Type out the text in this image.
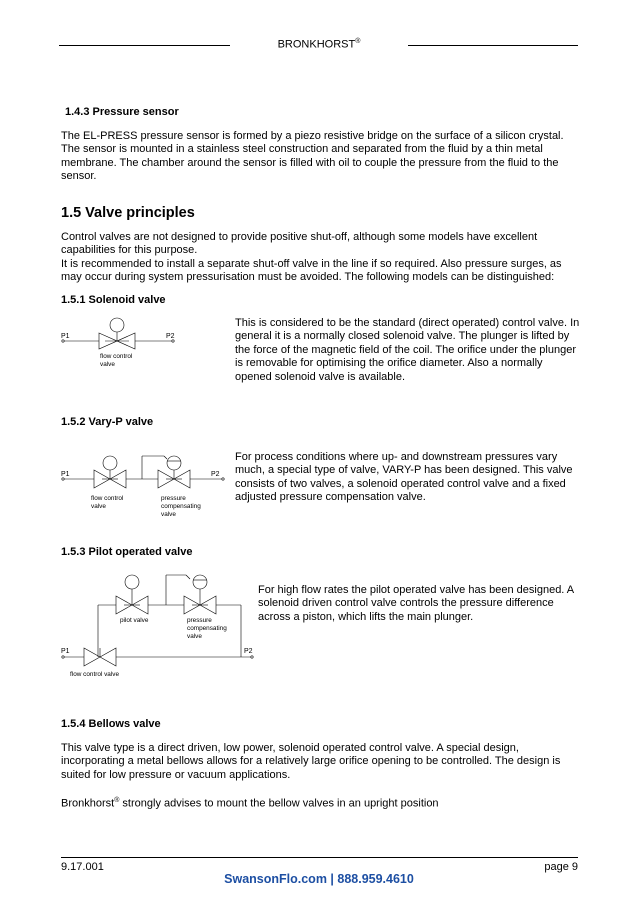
BRONKHORST®
1.4.3 Pressure sensor

The EL-PRESS pressure sensor is formed by a piezo resistive bridge on the surface of a silicon crystal. The sensor is mounted in a stainless steel construction and separated from the fluid by a thin metal membrane. The chamber around the sensor is filled with oil to couple the pressure from the fluid to the sensor.

1.5 Valve principles

Control valves are not designed to provide positive shut-off, although some models have excellent capabilities for this purpose.

It is recommended to install a separate shut-off valve in the line if so required. Also pressure surges, as may occur during system pressurisation must be avoided. The following models can be distinguished:

1.5.1 Solenoid valve
P1	P2
flow control
valve
This is considered to be the standard (direct operated) control valve. In general it is a normally closed solenoid valve. The plunger is lifted by the force of the magnetic field of the coil. The orifice under the plunger is removable for optimising the orifice diameter. Also a normally opened solenoid valve is available.
1.5.2 Vary-P valve
P1	P2
flow control
valve
pressure
compensating
valve
For process conditions where up- and downstream pressures vary much, a special type of valve, VARY-P has been designed. This valve consists of two valves, a solenoid operated control valve and a fixed adjusted pressure compensation valve.
1.5.3 Pilot operated valve
pilot valve	pressure
compensating
valve
P1	P2
flow control valve
For high flow rates the pilot operated valve has been designed. A solenoid driven control valve controls the pressure difference across a piston, which lifts the main plunger.
1.5.4 Bellows valve

This valve type is a direct driven, low power, solenoid operated control valve. A special design, incorporating a metal bellows allows for a relatively large orifice opening to be controlled. The design is suited for low pressure or vacuum applications.

Bronkhorst® strongly advises to mount the bellow valves in an upright position

9.17.001	page 9
SwansonFlo.com | 888.959.4610
